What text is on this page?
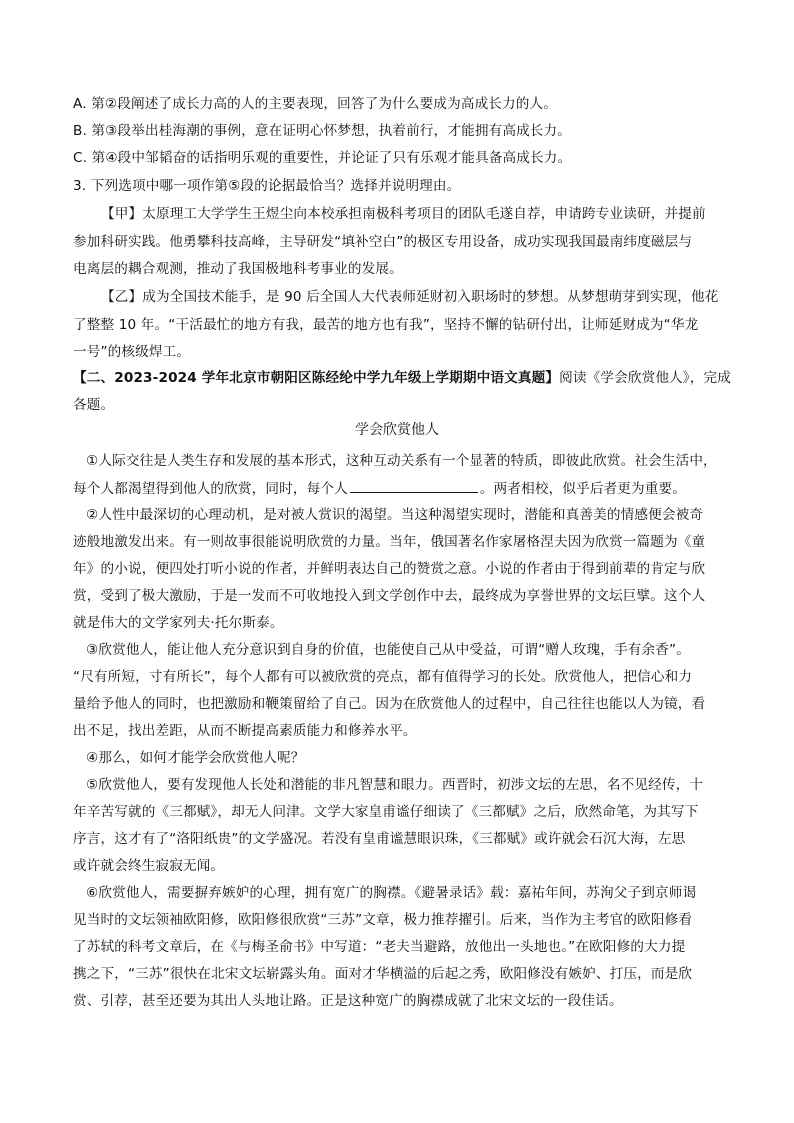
A. 第②段阐述了成长力高的人的主要表现，回答了为什么要成为高成长力的人。
B. 第③段举出桂海潮的事例，意在证明心怀梦想，执着前行，才能拥有高成长力。
C. 第④段中邹韬奋的话指明乐观的重要性，并论证了只有乐观才能具备高成长力。
3. 下列选项中哪一项作第⑤段的论据最恰当？选择并说明理由。
【甲】太原理工大学学生王煜尘向本校承担南极科考项目的团队毛遂自荐，申请跨专业读研，并提前
参加科研实践。他勇攀科技高峰，主导研发“填补空白”的极区专用设备，成功实现我国最南纬度磁层与
电离层的耦合观测，推动了我国极地科考事业的发展。
【乙】成为全国技术能手，是 90 后全国人大代表师延财初入职场时的梦想。从梦想萌芽到实现，他花
了整整 10 年。“干活最忙的地方有我，最苦的地方也有我”，坚持不懈的钻研付出，让师延财成为“华龙
一号”的核级焊工。
【二、2023-2024 学年北京市朝阳区陈经纶中学九年级上学期期中语文真题】阅读《学会欣赏他人》，完成
各题。
学会欣赏他人
①人际交往是人类生存和发展的基本形式，这种互动关系有一个显著的特质，即彼此欣赏。社会生活中，
每个人都渴望得到他人的欣赏，同时，每个人	。两者相校，似乎后者更为重要。
②人性中最深切的心理动机，是对被人赏识的渴望。当这种渴望实现时，潜能和真善美的情感便会被奇
迹般地激发出来。有一则故事很能说明欣赏的力量。当年，俄国著名作家屠格涅夫因为欣赏一篇题为《童
年》的小说，便四处打听小说的作者，并鲜明表达自己的赞赏之意。小说的作者由于得到前辈的肯定与欣
赏，受到了极大激励，于是一发而不可收地投入到文学创作中去，最终成为享誉世界的文坛巨擘。这个人
就是伟大的文学家列夫·托尔斯泰。
③欣赏他人，能让他人充分意识到自身的价值，也能使自己从中受益，可谓“赠人玫瑰，手有余香”。
“尺有所短，寸有所长”，每个人都有可以被欣赏的亮点，都有值得学习的长处。欣赏他人，把信心和力
量给予他人的同时，也把激励和鞭策留给了自己。因为在欣赏他人的过程中，自己往往也能以人为镜，看
出不足，找出差距，从而不断提高素质能力和修养水平。
④那么，如何才能学会欣赏他人呢？
⑤欣赏他人，要有发现他人长处和潜能的非凡智慧和眼力。西晋时，初涉文坛的左思，名不见经传，十
年辛苦写就的《三都赋》，却无人问津。文学大家皇甫谧仔细读了《三都赋》之后，欣然命笔，为其写下
序言，这才有了“洛阳纸贵”的文学盛况。若没有皇甫谧慧眼识珠，《三都赋》或许就会石沉大海，左思
或许就会终生寂寂无闻。
⑥欣赏他人，需要摒弃嫉妒的心理，拥有宽广的胸襟。《避暑录话》载：嘉祐年间，苏洵父子到京师谒
见当时的文坛领袖欧阳修，欧阳修很欣赏“三苏”文章，极力推荐擢引。后来，当作为主考官的欧阳修看
了苏轼的科考文章后，在《与梅圣俞书》中写道：“老夫当避路，放他出一头地也。”在欧阳修的大力提
携之下，“三苏”很快在北宋文坛崭露头角。面对才华横溢的后起之秀，欧阳修没有嫉妒、打压，而是欣
赏、引荐，甚至还要为其出人头地让路。正是这种宽广的胸襟成就了北宋文坛的一段佳话。
